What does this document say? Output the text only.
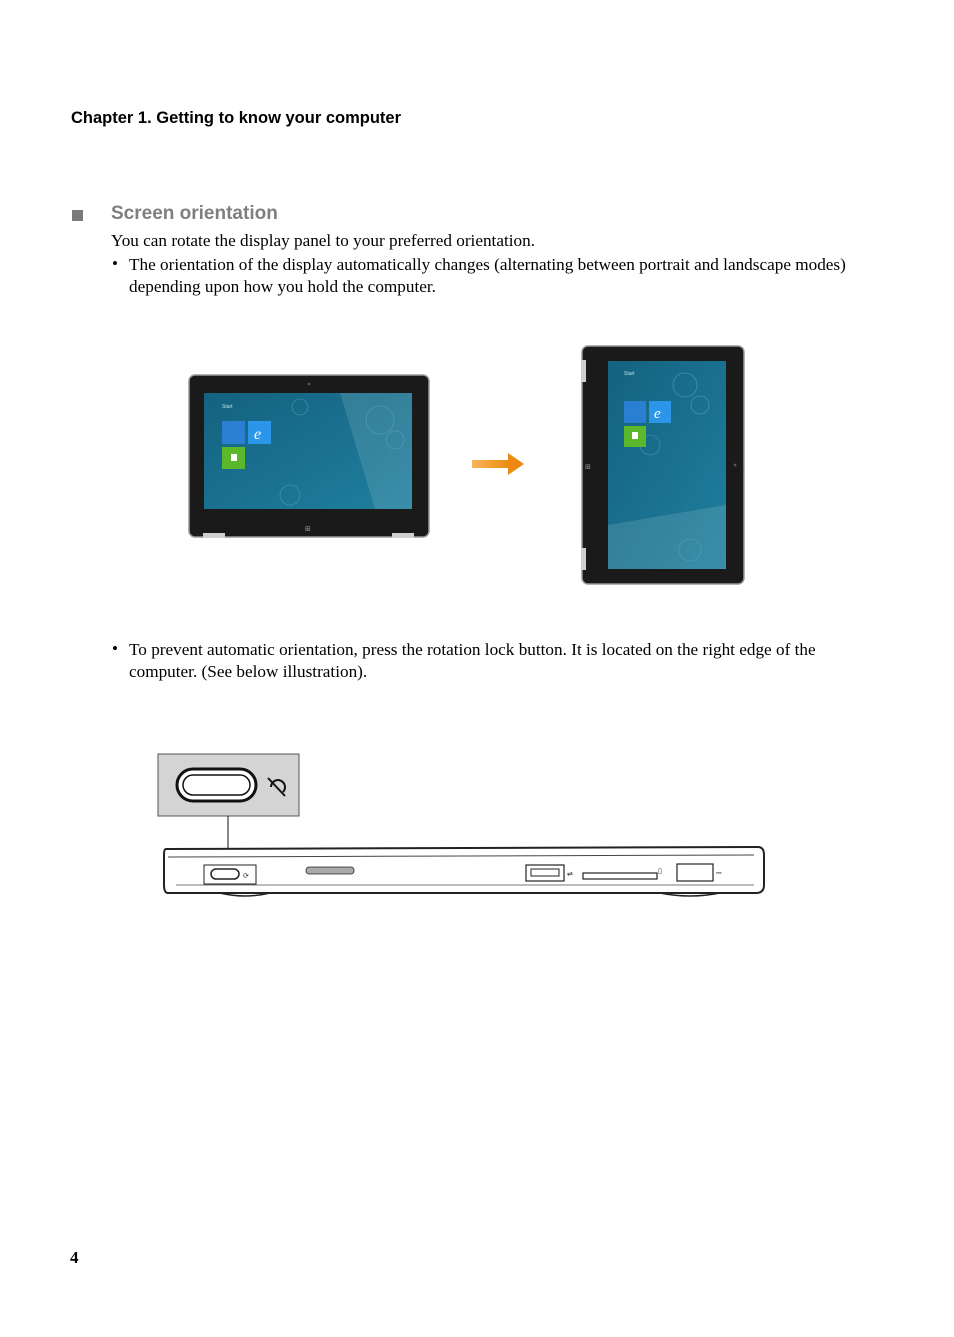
Chapter 1. Getting to know your computer
Screen orientation
You can rotate the display panel to your preferred orientation.
• The orientation of the display automatically changes (alternating between portrait and landscape modes) depending upon how you hold the computer.
Start
e
⊞
Start
e
⊞
• To prevent automatic orientation, press the rotation lock button. It is located on the right edge of the computer. (See below illustration).
⟳	⇌	▯	⎓
4
